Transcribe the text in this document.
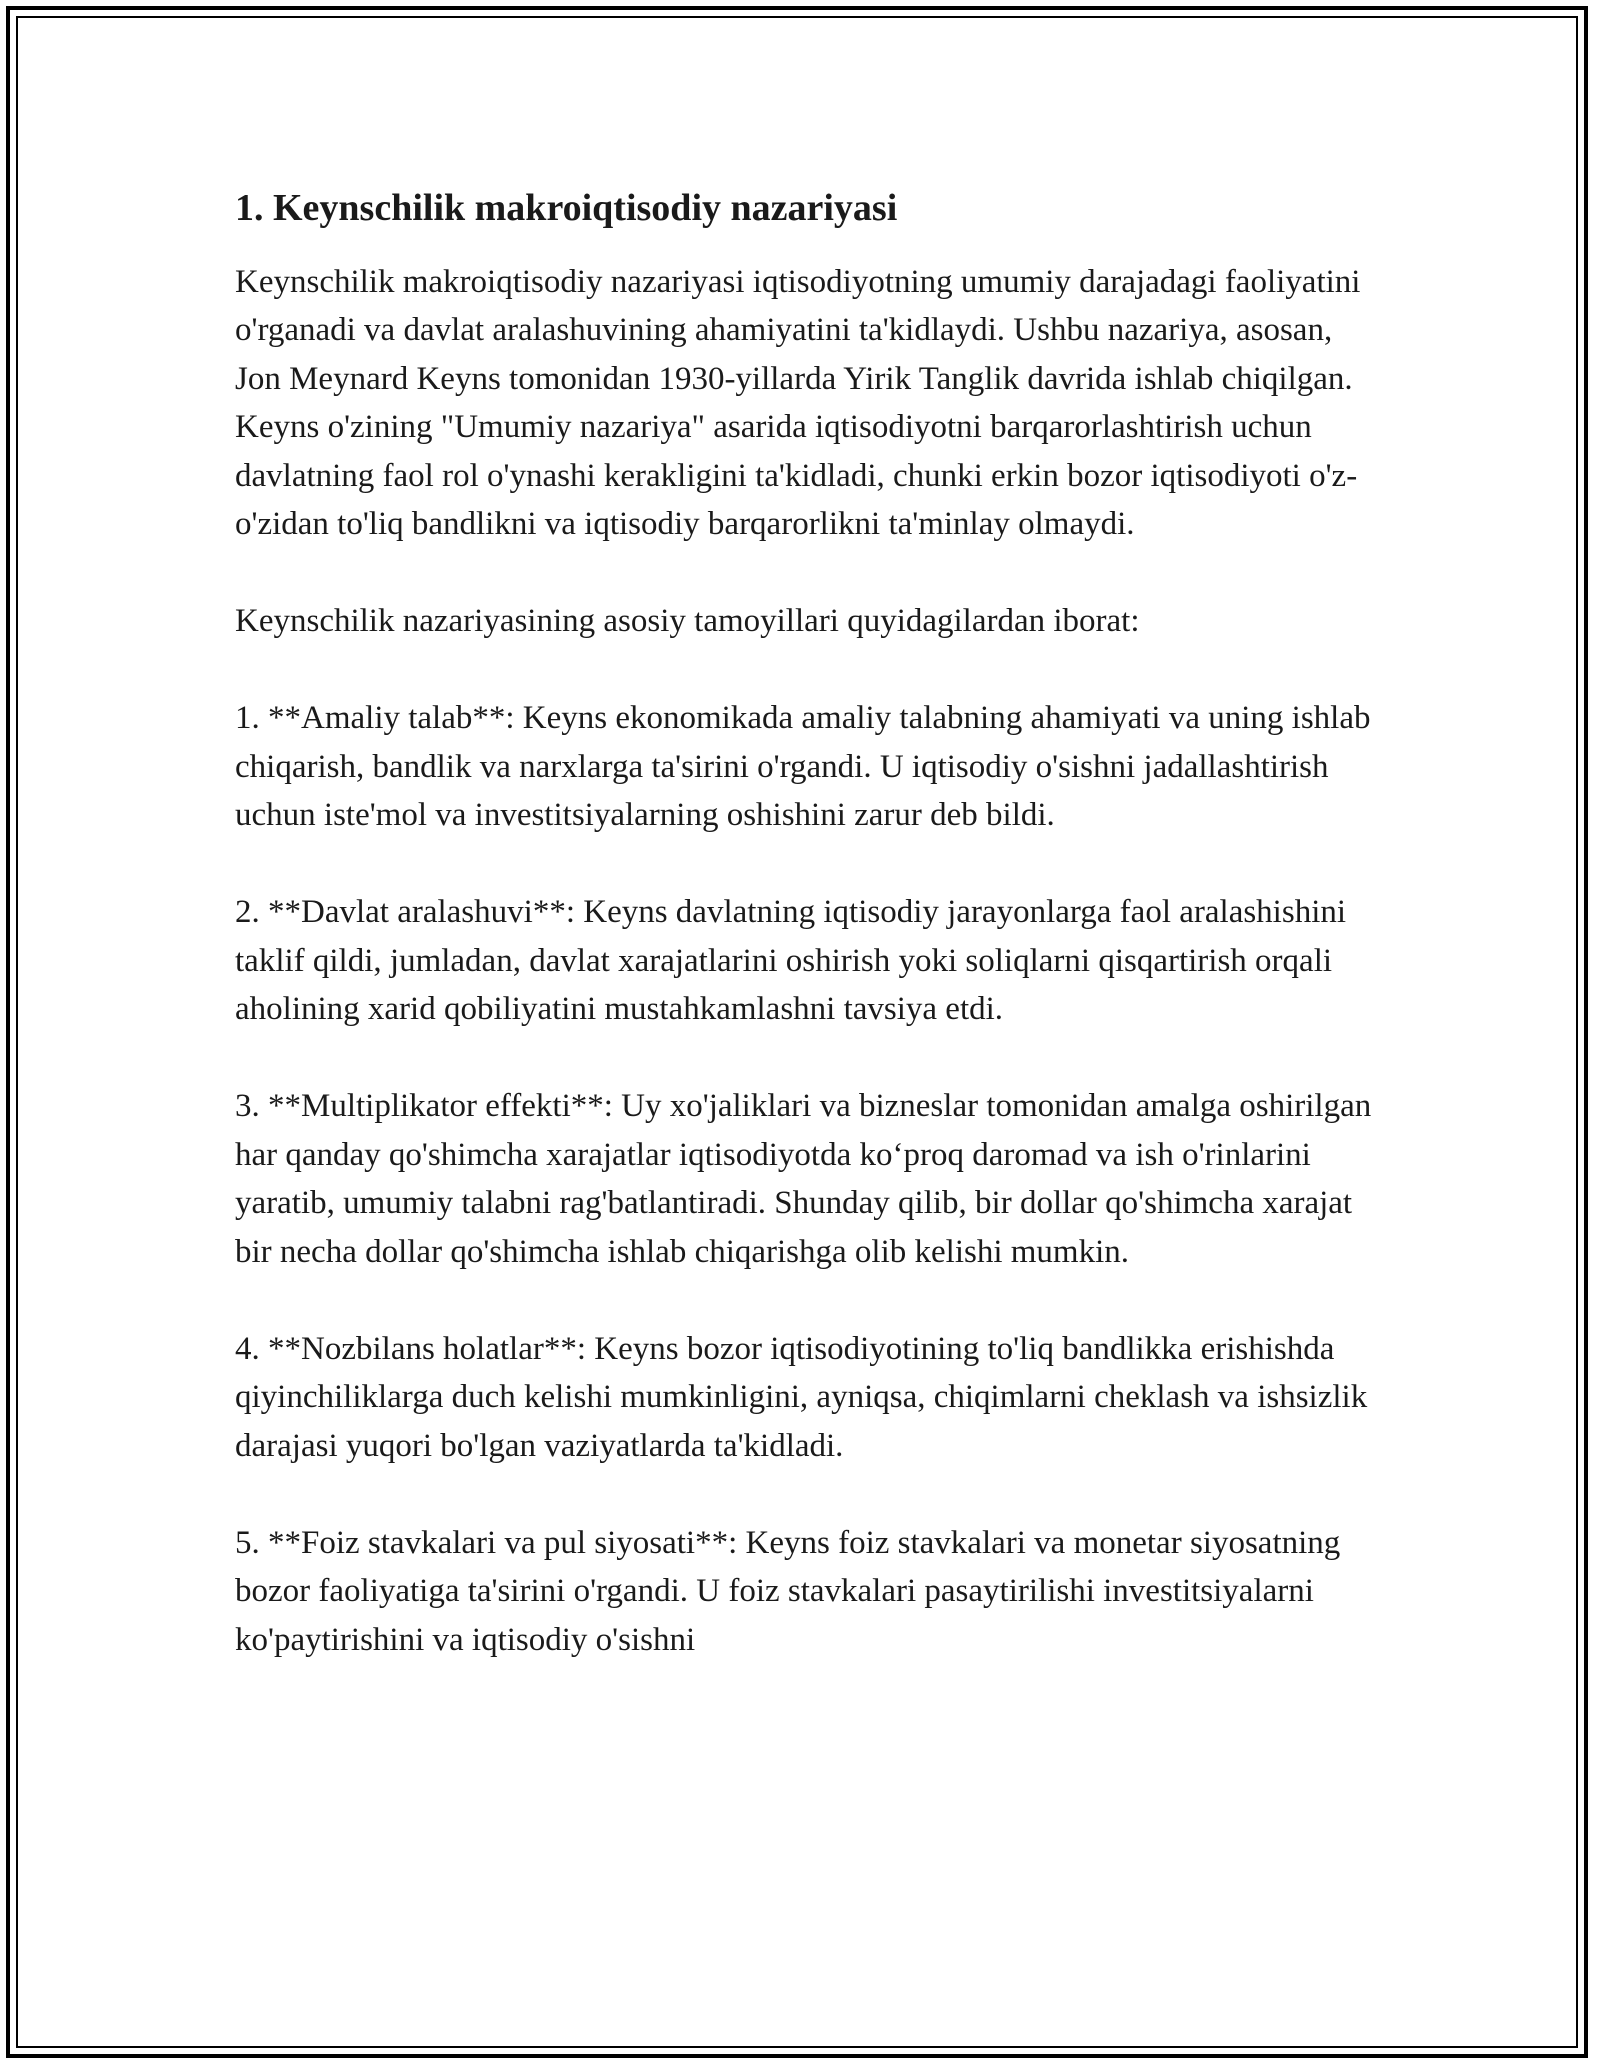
1. Keynschilik makroiqtisodiy nazariyasi

Keynschilik makroiqtisodiy nazariyasi iqtisodiyotning umumiy darajadagi faoliyatini o'rganadi va davlat aralashuvining ahamiyatini ta'kidlaydi. Ushbu nazariya, asosan, Jon Meynard Keyns tomonidan 1930-yillarda Yirik Tanglik davrida ishlab chiqilgan. Keyns o'zining "Umumiy nazariya" asarida iqtisodiyotni barqarorlashtirish uchun davlatning faol rol o'ynashi kerakligini ta'kidladi, chunki erkin bozor iqtisodiyoti o'z-o'zidan to'liq bandlikni va iqtisodiy barqarorlikni ta'minlay olmaydi.

Keynschilik nazariyasining asosiy tamoyillari quyidagilardan iborat:

1. **Amaliy talab**: Keyns ekonomikada amaliy talabning ahamiyati va uning ishlab chiqarish, bandlik va narxlarga ta'sirini o'rgandi. U iqtisodiy o'sishni jadallashtirish uchun iste'mol va investitsiyalarning oshishini zarur deb bildi.

2. **Davlat aralashuvi**: Keyns davlatning iqtisodiy jarayonlarga faol aralashishini taklif qildi, jumladan, davlat xarajatlarini oshirish yoki soliqlarni qisqartirish orqali aholining xarid qobiliyatini mustahkamlashni tavsiya etdi.

3. **Multiplikator effekti**: Uy xo'jaliklari va bizneslar tomonidan amalga oshirilgan har qanday qo'shimcha xarajatlar iqtisodiyotda ko‘proq daromad va ish o'rinlarini yaratib, umumiy talabni rag'batlantiradi. Shunday qilib, bir dollar qo'shimcha xarajat bir necha dollar qo'shimcha ishlab chiqarishga olib kelishi mumkin.

4. **Nozbilans holatlar**: Keyns bozor iqtisodiyotining to'liq bandlikka erishishda qiyinchiliklarga duch kelishi mumkinligini, ayniqsa, chiqimlarni cheklash va ishsizlik darajasi yuqori bo'lgan vaziyatlarda ta'kidladi.

5. **Foiz stavkalari va pul siyosati**: Keyns foiz stavkalari va monetar siyosatning bozor faoliyatiga ta'sirini o'rgandi. U foiz stavkalari pasaytirilishi investitsiyalarni ko'paytirishini va iqtisodiy o'sishni
